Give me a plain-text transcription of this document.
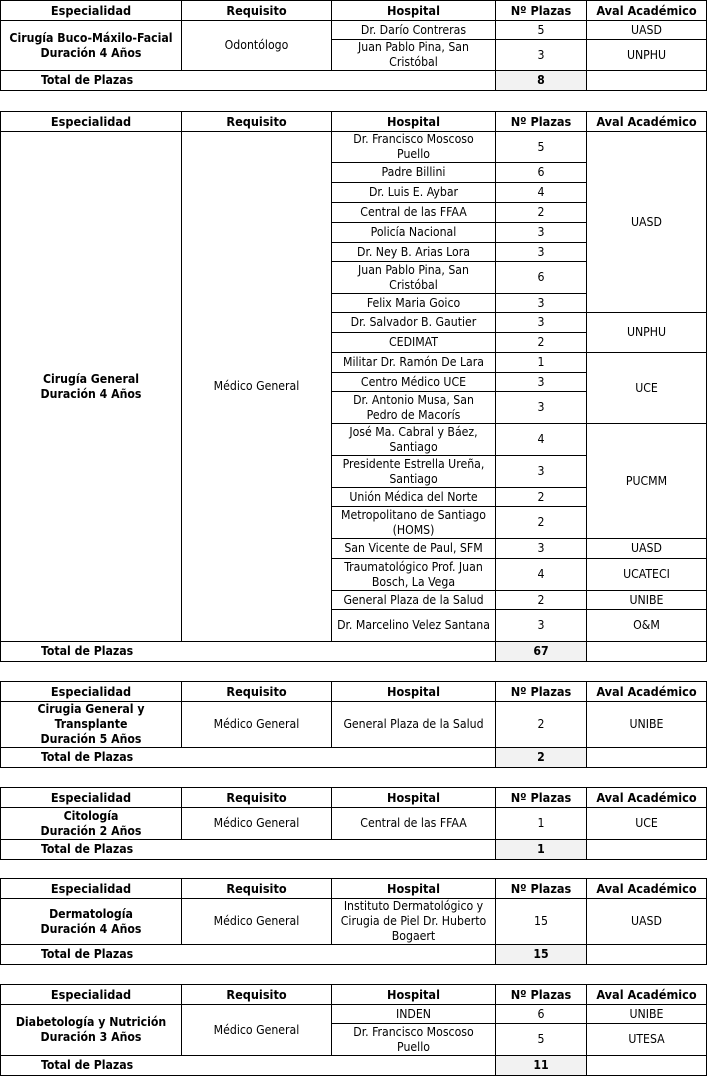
Especialidad	Requisito	Hospital	Nº Plazas	Aval Académico

Cirugía Buco-Máxilo-Facial
Duración 4 Años	Odontólogo	Dr. Darío Contreras	5	UASD

		Juan Pablo Pina, San
Cristóbal	3	UNPHU

Total de Plazas			8	

Especialidad	Requisito	Hospital	Nº Plazas	Aval Académico

Cirugía General
Duración 4 Años	Médico General	Dr. Francisco Moscoso
Puello	5	UASD

		Padre Billini	6	

		Dr. Luis E. Aybar	4	

		Central de las FFAA	2	

		Policía Nacional	3	

		Dr. Ney B. Arias Lora	3	

		Juan Pablo Pina, San
Cristóbal	6	

		Felix Maria Goico	3	

		Dr. Salvador B. Gautier	3	UNPHU

		CEDIMAT	2	

		Militar Dr. Ramón De Lara	1	UCE

		Centro Médico UCE	3	

		Dr. Antonio Musa, San
Pedro de Macorís	3	

		José Ma. Cabral y Báez,
Santiago	4	PUCMM

		Presidente Estrella Ureña,
Santiago	3	

		Unión Médica del Norte	2	

		Metropolitano de Santiago
(HOMS)	2	

		San Vicente de Paul, SFM	3	UASD

		Traumatológico Prof. Juan
Bosch, La Vega	4	UCATECI

		General Plaza de la Salud	2	UNIBE

		Dr. Marcelino Velez Santana	3	O&M

Total de Plazas			67	

Especialidad	Requisito	Hospital	Nº Plazas	Aval Académico

Cirugia General y
Transplante
Duración 5 Años	Médico General	General Plaza de la Salud	2	UNIBE

Total de Plazas			2	

Especialidad	Requisito	Hospital	Nº Plazas	Aval Académico

Citología
Duración 2 Años	Médico General	Central de las FFAA	1	UCE

Total de Plazas			1	

Especialidad	Requisito	Hospital	Nº Plazas	Aval Académico

Dermatología
Duración 4 Años	Médico General	Instituto Dermatológico y
Cirugia de Piel Dr. Huberto
Bogaert	15	UASD

Total de Plazas			15	

Especialidad	Requisito	Hospital	Nº Plazas	Aval Académico

Diabetología y Nutrición
Duración 3 Años	Médico General	INDEN	6	UNIBE

		Dr. Francisco Moscoso
Puello	5	UTESA

Total de Plazas			11	
